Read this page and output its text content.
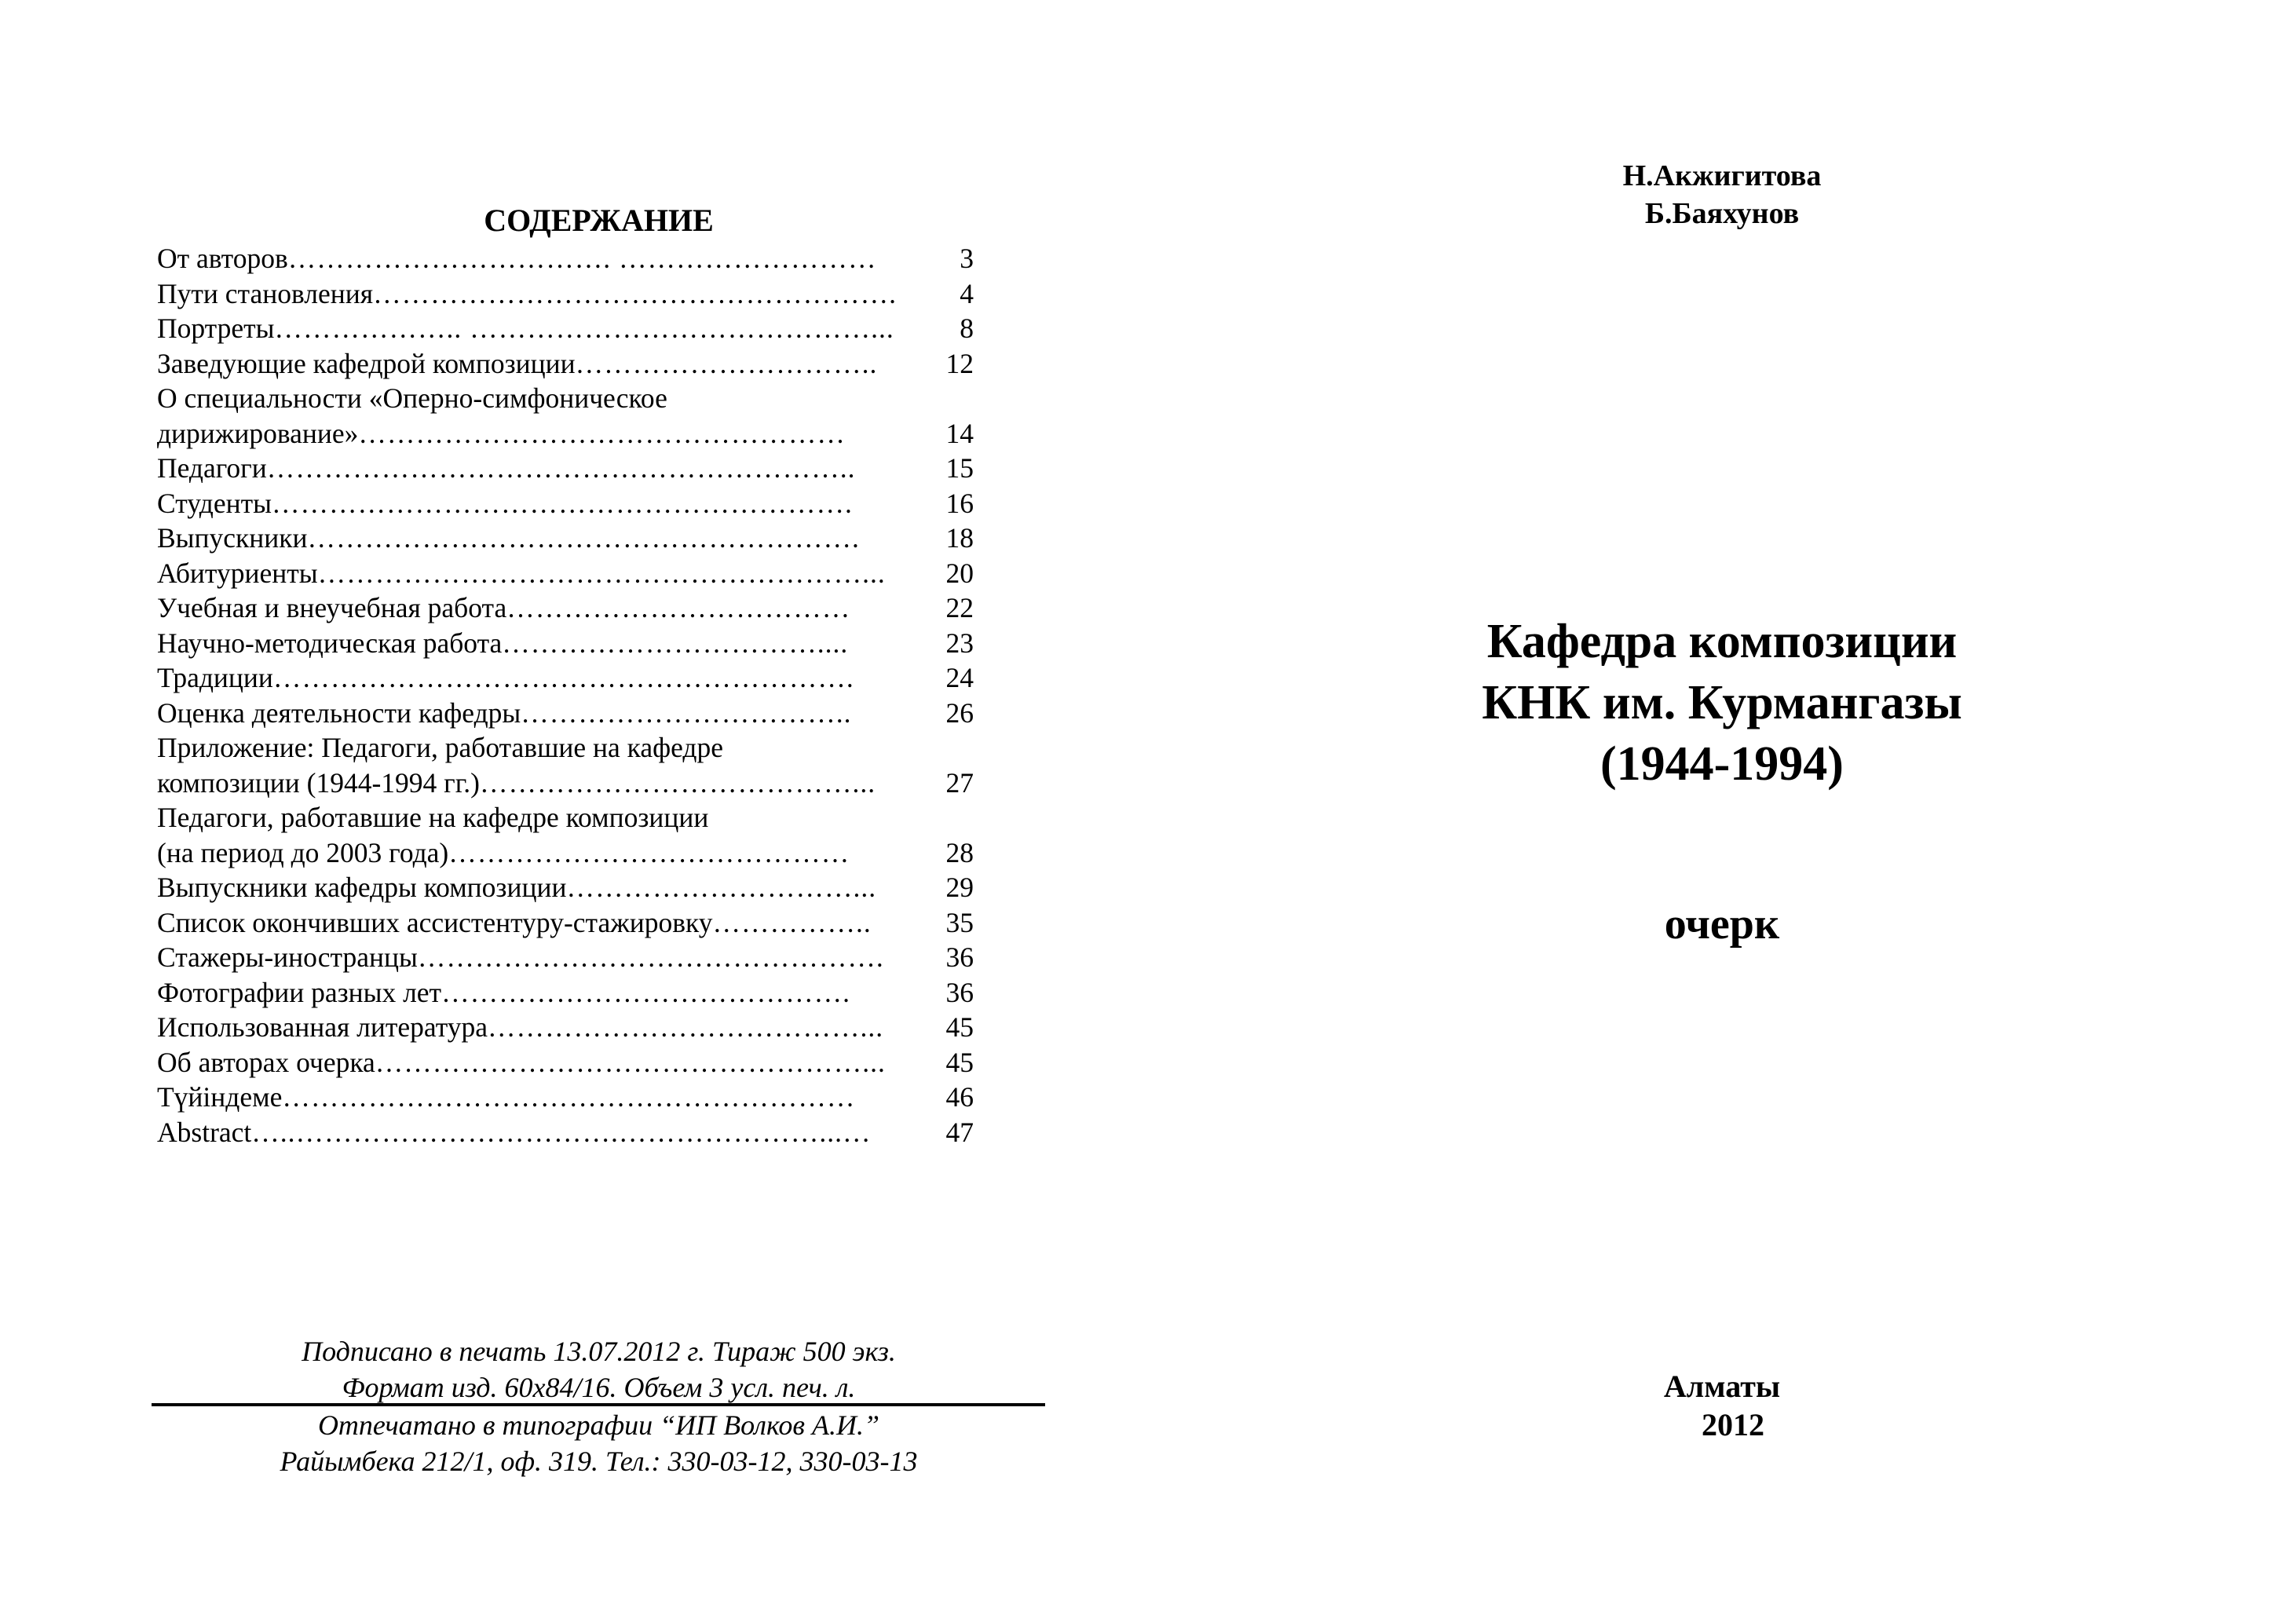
СОДЕРЖАНИЕ
От авторов ……………………………. ………………………	3
Пути становления ……………………………………………….	4
Портреты ……………….. ……………………………………...	8
Заведующие кафедрой композиции …………………………..	12
О специальности «Оперно-симфоническое
дирижирование» ……………………………………………	14
Педагоги ……………………………………………………..	15
Студенты …………………………………………………….	16
Выпускники ………………………………………………….	18
Абитуриенты …………………………………………………...	20
Учебная и внеучебная работа ………………………………	22
Научно-методическая работа ……………………………....	23
Традиции …………………………………………………….	24
Оценка деятельности кафедры ……………………………..	26
Приложение: Педагоги, работавшие на кафедре
композиции (1944-1994 гг.) …………………………………...	27
Педагоги, работавшие на кафедре композиции
(на период до 2003 года) ……………………………………	28
Выпускники кафедры композиции …………………………...	29
Список окончивших ассистентуру-стажировку ……………..	35
Стажеры-иностранцы ………………………………………….	36
Фотографии разных лет …………………………………….	36
Использованная литература …………………………………...	45
Об авторах очерка ……………………………………………...	45
Түйіндеме ……………………………………………………	46
Abstract …..…………………………….…………………...…	47
Подписано в печать 13.07.2012 г. Тираж 500 экз.
Формат изд. 60х84/16. Объем 3 усл. печ. л.
Отпечатано в типографии “ИП Волков А.И.”
Райымбека 212/1, оф. 319. Тел.: 330-03-12, 330-03-13
Н.Акжигитова
Б.Баяхунов
Кафедра композиции
КНК им. Курмангазы
(1944-1994)
очерк
Алматы
2012
